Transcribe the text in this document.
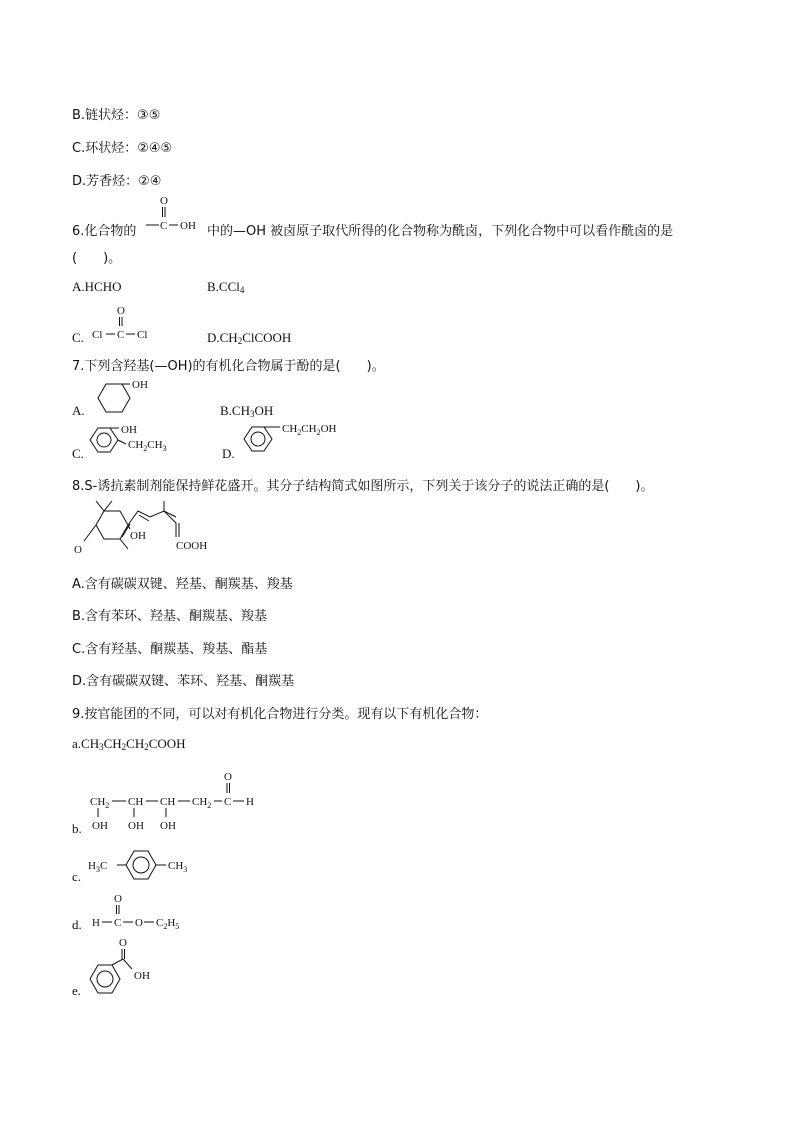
B.链状烃：③⑤
C.环状烃：②④⑤
D.芳香烃：②④
6.化合物的
O
C OH 中的—OH 被卤原子取代所得的化合物称为酰卤，下列化合物中可以看作酰卤的是
(　　)。
A.HCHO	B.CCl$_4$
C.
O
Cl C Cl	$D.CH_2ClCOOH$
7.下列含羟基(—OH)的有机化合物属于酚的是(　　)。
A.
OH
$B.CH_3OH$
C.
OH
$CH_2CH_3$	D.
$CH_2CH_2OH$
8.S-诱抗素制剂能保持鲜花盛开。其分子结构简式如图所示，下列关于该分子的说法正确的是(　　)。
O
OH
COOH
A.含有碳碳双键、羟基、酮羰基、羧基
B.含有苯环、羟基、酮羰基、羧基
C.含有羟基、酮羰基、羧基、酯基
D.含有碳碳双键、苯环、羟基、酮羰基
9.按官能团的不同，可以对有机化合物进行分类。现有以下有机化合物：
$a.CH_3CH_2CH_2COOH$
b.
O
$CH_2$ CH CH $CH_2$ C H
OH OH OH
c.
$H_3C$	$CH_3$
d.
O
H C O $C_2H_5$
e.
O
OH
